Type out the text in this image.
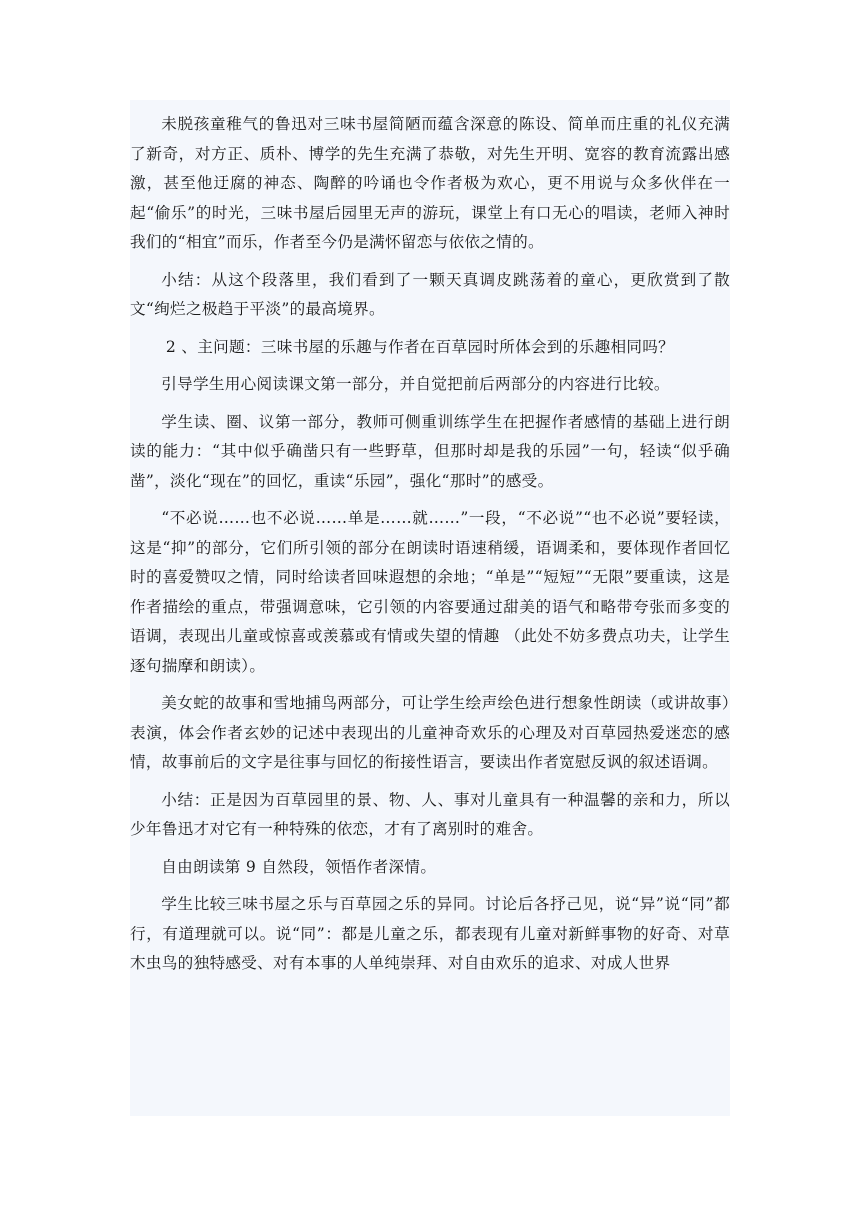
未脱孩童稚气的鲁迅对三味书屋简陋而蕴含深意的陈设、简单而庄重的礼仪充满了新奇，对方正、质朴、博学的先生充满了恭敬，对先生开明、宽容的教育流露出感激，甚至他迂腐的神态、陶醉的吟诵也令作者极为欢心，更不用说与众多伙伴在一起“偷乐”的时光，三味书屋后园里无声的游玩，课堂上有口无心的唱读，老师入神时我们的“相宜”而乐，作者至今仍是满怀留恋与依依之情的。

小结：从这个段落里，我们看到了一颗天真调皮跳荡着的童心，更欣赏到了散文“绚烂之极趋于平淡”的最高境界。

2 、主问题：三味书屋的乐趣与作者在百草园时所体会到的乐趣相同吗？

引导学生用心阅读课文第一部分，并自觉把前后两部分的内容进行比较。

学生读、圈、议第一部分，教师可侧重训练学生在把握作者感情的基础上进行朗读的能力：“其中似乎确凿只有一些野草，但那时却是我的乐园”一句，轻读“似乎确凿”，淡化“现在”的回忆，重读“乐园”，强化“那时”的感受。

“不必说……也不必说……单是……就……”一段，“不必说”“也不必说”要轻读，这是“抑”的部分，它们所引领的部分在朗读时语速稍缓，语调柔和，要体现作者回忆时的喜爱赞叹之情，同时给读者回味遐想的余地；“单是”“短短”“无限”要重读，这是作者描绘的重点，带强调意味，它引领的内容要通过甜美的语气和略带夸张而多变的语调，表现出儿童或惊喜或羡慕或有情或失望的情趣 （此处不妨多费点功夫，让学生逐句揣摩和朗读）。

美女蛇的故事和雪地捕鸟两部分，可让学生绘声绘色进行想象性朗读（或讲故事）表演，体会作者玄妙的记述中表现出的儿童神奇欢乐的心理及对百草园热爱迷恋的感情，故事前后的文字是往事与回忆的衔接性语言，要读出作者宽慰反讽的叙述语调。

小结：正是因为百草园里的景、物、人、事对儿童具有一种温馨的亲和力，所以少年鲁迅才对它有一种特殊的依恋，才有了离别时的难舍。

自由朗读第 9 自然段，领悟作者深情。

学生比较三味书屋之乐与百草园之乐的异同。讨论后各抒己见，说“异”说“同”都行，有道理就可以。说“同”：都是儿童之乐，都表现有儿童对新鲜事物的好奇、对草木虫鸟的独特感受、对有本事的人单纯崇拜、对自由欢乐的追求、对成人世界
